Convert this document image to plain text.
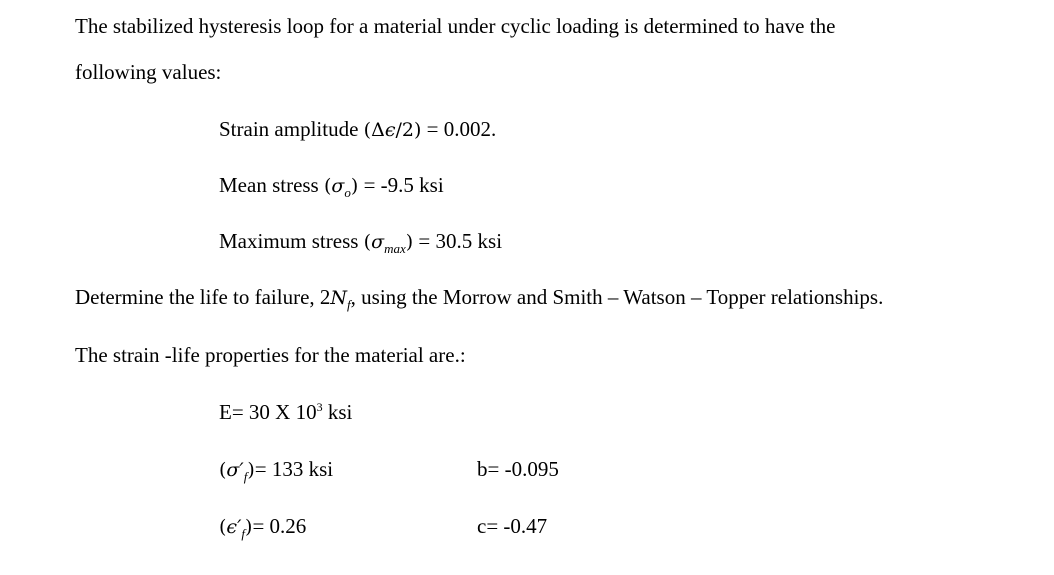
The stabilized hysteresis loop for a material under cyclic loading is determined to have the
following values:
Strain amplitude (Δϵ/2) = 0.002.
Mean stress $(\sigma_o) = -9.5$ ksi
Maximum stress $(\sigma_{max}) = 30.5$ ksi
Determine the life to failure, $2N_f$, using the Morrow and Smith – Watson – Topper relationships.
The strain -life properties for the material are.:
E= 30 X $10^3$ ksi
$(\sigma'_f)= 133$ ksi	b= -0.095
$(\epsilon'_f)= 0.26$	c= -0.47
